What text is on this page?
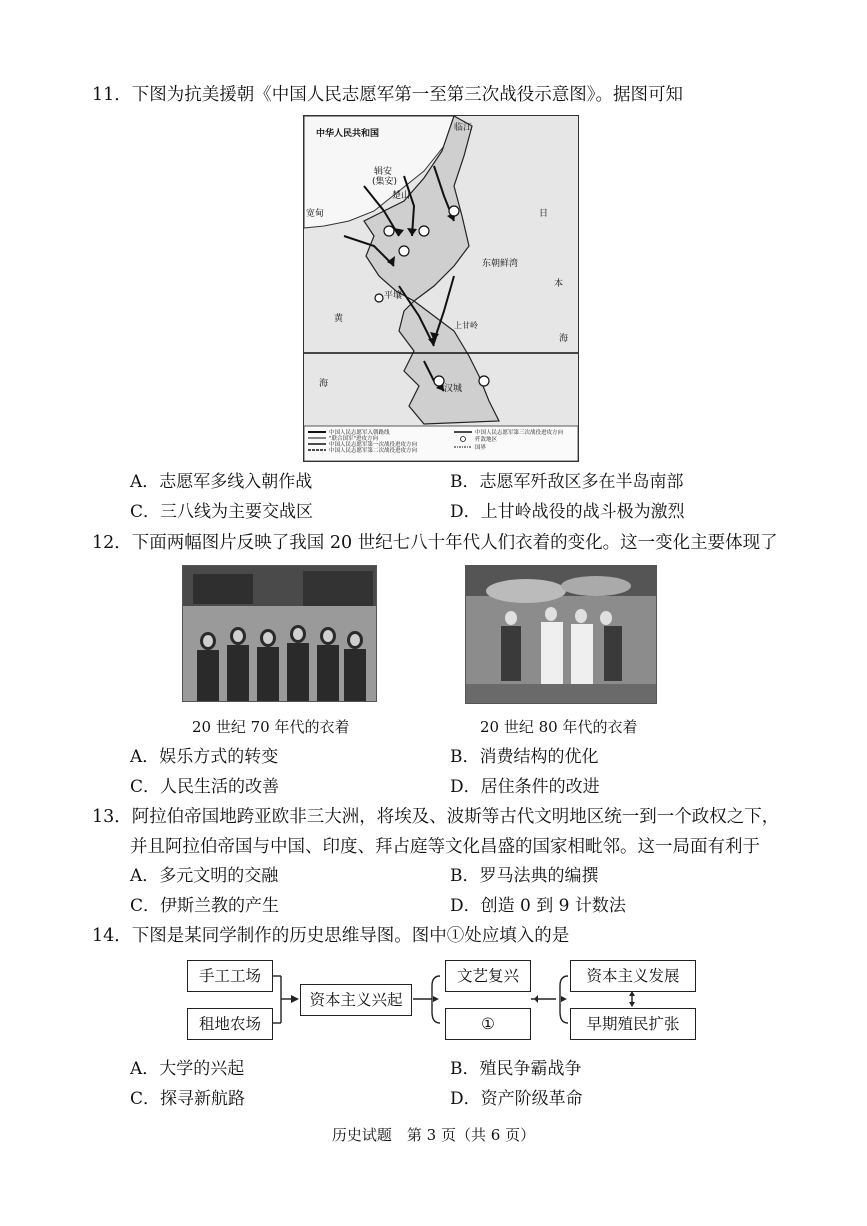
11．下图为抗美援朝《中国人民志愿军第一至第三次战役示意图》。据图可知
中华人民共和国
临江
辑安
(集安)
楚山
宽甸
平壤
汉城
上甘岭
东朝鲜湾
日
本
海
黄
海
中国人民志愿军入朝路线
"联合国军"进攻方向
中国人民志愿军第一次战役进攻方向
中国人民志愿军第二次战役进攻方向
中国人民志愿军第三次战役进攻方向
歼敌地区
国界
A．志愿军多线入朝作战	B．志愿军歼敌区多在半岛南部
C．三八线为主要交战区	D．上甘岭战役的战斗极为激烈
12．下面两幅图片反映了我国 20 世纪七八十年代人们衣着的变化。这一变化主要体现了
20 世纪 70 年代的衣着	20 世纪 80 年代的衣着
A．娱乐方式的转变	B．消费结构的优化
C．人民生活的改善	D．居住条件的改进
13．阿拉伯帝国地跨亚欧非三大洲，将埃及、波斯等古代文明地区统一到一个政权之下，
并且阿拉伯帝国与中国、印度、拜占庭等文化昌盛的国家相毗邻。这一局面有利于
A．多元文明的交融	B．罗马法典的编撰
C．伊斯兰教的产生	D．创造 0 到 9 计数法
14．下图是某同学制作的历史思维导图。图中①处应填入的是
手工工场
租地农场
资本主义兴起
文艺复兴
①
资本主义发展
早期殖民扩张
A．大学的兴起	B．殖民争霸战争
C．探寻新航路	D．资产阶级革命
历史试题　第 3 页（共 6 页）
